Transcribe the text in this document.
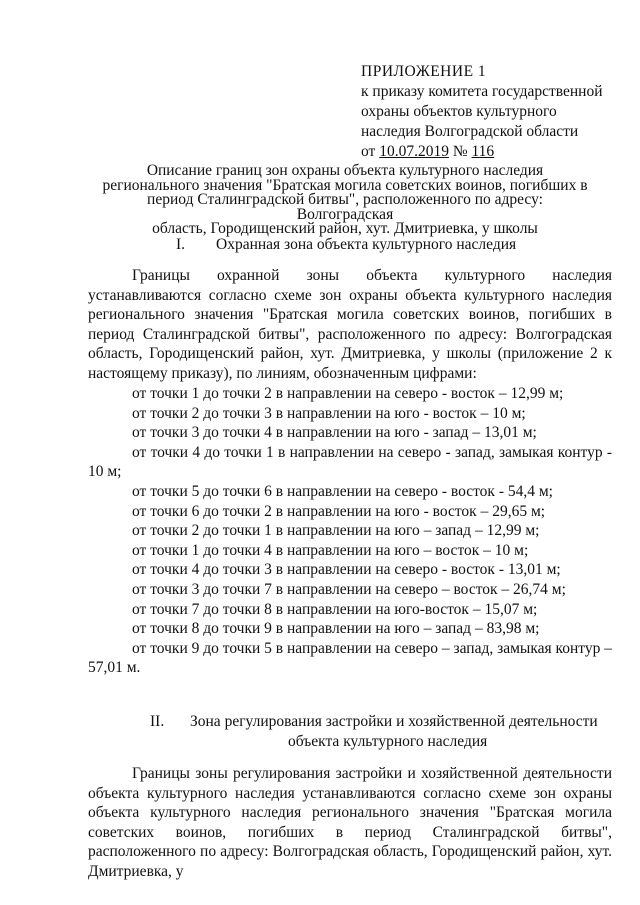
ПРИЛОЖЕНИЕ 1
к приказу комитета государственной
охраны объектов культурного
наследия Волгоградской области
от 10.07.2019 № 116
Описание границ зон охраны объекта культурного наследия
регионального значения "Братская могила советских воинов, погибших в
период Сталинградской битвы", расположенного по адресу: Волгоградская
область, Городищенский район, хут. Дмитриевка, у школы
I. Охранная зона объекта культурного наследия
Границы охранной зоны объекта культурного наследия устанавливаются согласно схеме зон охраны объекта культурного наследия регионального значения "Братская могила советских воинов, погибших в период Сталинградской битвы", расположенного по адресу: Волгоградская область, Городищенский район, хут. Дмитриевка, у школы (приложение 2 к настоящему приказу), по линиям, обозначенным цифрами:
от точки 1 до точки 2 в направлении на северо - восток – 12,99 м;
от точки 2 до точки 3 в направлении на юго - восток – 10 м;
от точки 3 до точки 4 в направлении на юго - запад – 13,01 м;
от точки 4 до точки 1 в направлении на северо - запад, замыкая контур - 10 м;
от точки 5 до точки 6 в направлении на северо - восток - 54,4 м;
от точки 6 до точки 2 в направлении на юго - восток – 29,65 м;
от точки 2 до точки 1 в направлении на юго – запад – 12,99 м;
от точки 1 до точки 4 в направлении на юго – восток – 10 м;
от точки 4 до точки 3 в направлении на северо - восток - 13,01 м;
от точки 3 до точки 7 в направлении на северо – восток – 26,74 м;
от точки 7 до точки 8 в направлении на юго-восток – 15,07 м;
от точки 8 до точки 9 в направлении на юго – запад – 83,98 м;
от точки 9 до точки 5 в направлении на северо – запад, замыкая контур – 57,01 м.
II. Зона регулирования застройки и хозяйственной деятельности
объекта культурного наследия
Границы зоны регулирования застройки и хозяйственной деятельности объекта культурного наследия устанавливаются согласно схеме зон охраны объекта культурного наследия регионального значения "Братская могила советских воинов, погибших в период Сталинградской битвы", расположенного по адресу: Волгоградская область, Городищенский район, хут. Дмитриевка, у
